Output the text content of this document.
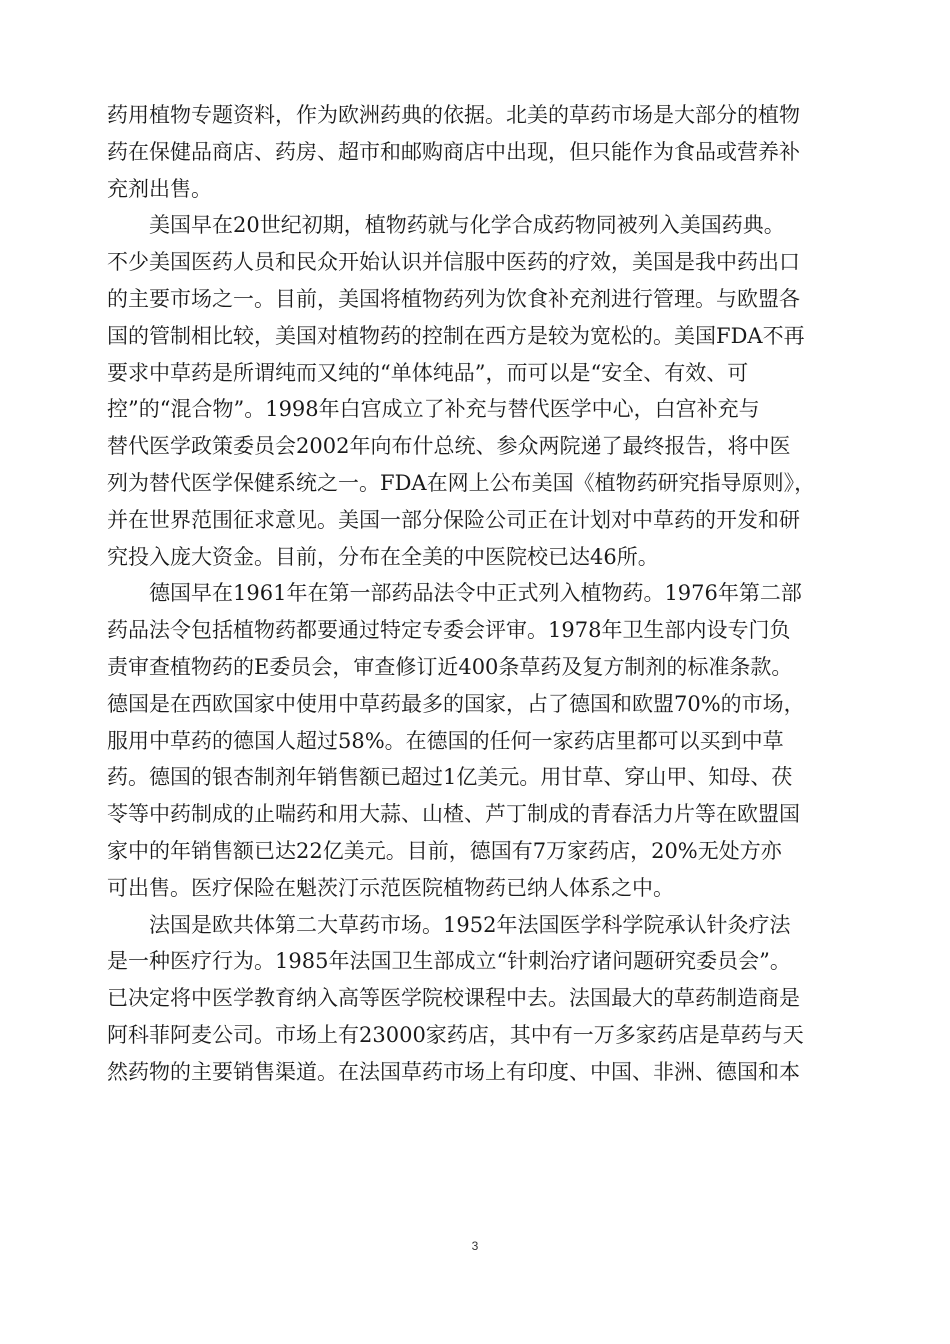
药用植物专题资料，作为欧洲药典的依据。北美的草药市场是大部分的植物
药在保健品商店、药房、超市和邮购商店中出现，但只能作为食品或营养补
充剂出售。
美国早在20世纪初期，植物药就与化学合成药物同被列入美国药典。
不少美国医药人员和民众开始认识并信服中医药的疗效，美国是我中药出口
的主要市场之一。目前，美国将植物药列为饮食补充剂进行管理。与欧盟各
国的管制相比较，美国对植物药的控制在西方是较为宽松的。美国FDA不再
要求中草药是所谓纯而又纯的“单体纯品”，而可以是“安全、有效、可
控”的“混合物”。1998年白宫成立了补充与替代医学中心，白宫补充与
替代医学政策委员会2002年向布什总统、参众两院递了最终报告，将中医
列为替代医学保健系统之一。FDA在网上公布美国《植物药研究指导原则》，
并在世界范围征求意见。美国一部分保险公司正在计划对中草药的开发和研
究投入庞大资金。目前，分布在全美的中医院校已达46所。
德国早在1961年在第一部药品法令中正式列入植物药。1976年第二部
药品法令包括植物药都要通过特定专委会评审。1978年卫生部内设专门负
责审查植物药的E委员会，审查修订近400条草药及复方制剂的标准条款。
德国是在西欧国家中使用中草药最多的国家，占了德国和欧盟70%的市场，
服用中草药的德国人超过58%。在德国的任何一家药店里都可以买到中草
药。德国的银杏制剂年销售额已超过1亿美元。用甘草、穿山甲、知母、茯
苓等中药制成的止喘药和用大蒜、山楂、芦丁制成的青春活力片等在欧盟国
家中的年销售额已达22亿美元。目前，德国有7万家药店，20%无处方亦
可出售。医疗保险在魁茨汀示范医院植物药已纳人体系之中。
法国是欧共体第二大草药市场。1952年法国医学科学院承认针灸疗法
是一种医疗行为。1985年法国卫生部成立“针刺治疗诸问题研究委员会”。
已决定将中医学教育纳入高等医学院校课程中去。法国最大的草药制造商是
阿科菲阿麦公司。市场上有23000家药店，其中有一万多家药店是草药与天
然药物的主要销售渠道。在法国草药市场上有印度、中国、非洲、德国和本
3
